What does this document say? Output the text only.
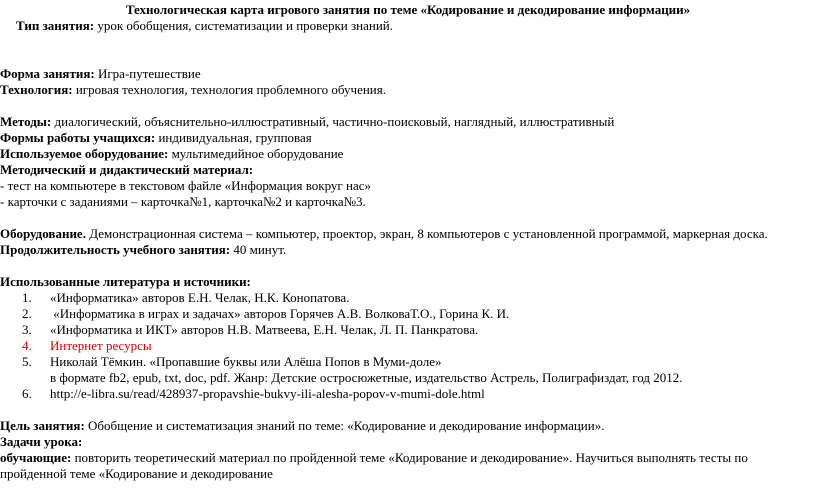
Технологическая карта игрового занятия по теме «Кодирование и декодирование информации»
Тип занятия: урок обобщения, систематизации и проверки знаний.
Форма занятия: Игра-путешествие
Технология: игровая технология, технология проблемного обучения.
Методы: диалогический, объяснительно-иллюстративный, частично-поисковый, наглядный, иллюстративный
Формы работы учащихся: индивидуальная, групповая
Используемое оборудование: мультимедийное оборудование
Методический и дидактический материал:
- тест на компьютере в текстовом файле «Информация вокруг нас»
- карточки с заданиями – карточка№1, карточка№2 и карточка№3.
Оборудование. Демонстрационная система – компьютер, проектор, экран, 8 компьютеров с установленной программой, маркерная доска.
Продолжительность учебного занятия: 40 минут.
Использованные литература и источники:
1. «Информатика» авторов Е.Н. Челак, Н.К. Конопатова.
2. «Информатика в играх и задачах» авторов Горячев А.В. ВолковаТ.О., Горина К. И.
3. «Информатика и ИКТ» авторов Н.В. Матвеева, Е.Н. Челак, Л. П. Панкратова.
4. Интернет ресурсы
5. Николай Тёмкин. «Пропавшие буквы или Алёша Попов в Муми-доле»
в формате fb2, epub, txt, doc, pdf. Жанр: Детские остросюжетные, издательство Астрель, Полиграфиздат, год 2012.
6. http://e-libra.su/read/428937-propavshie-bukvy-ili-alesha-popov-v-mumi-dole.html
Цель занятия: Обобщение и систематизация знаний по теме: «Кодирование и декодирование информации».
Задачи урока:
обучающие: повторить теоретический материал по пройденной теме «Кодирование и декодирование». Научиться выполнять тесты по
пройденной теме «Кодирование и декодирование
